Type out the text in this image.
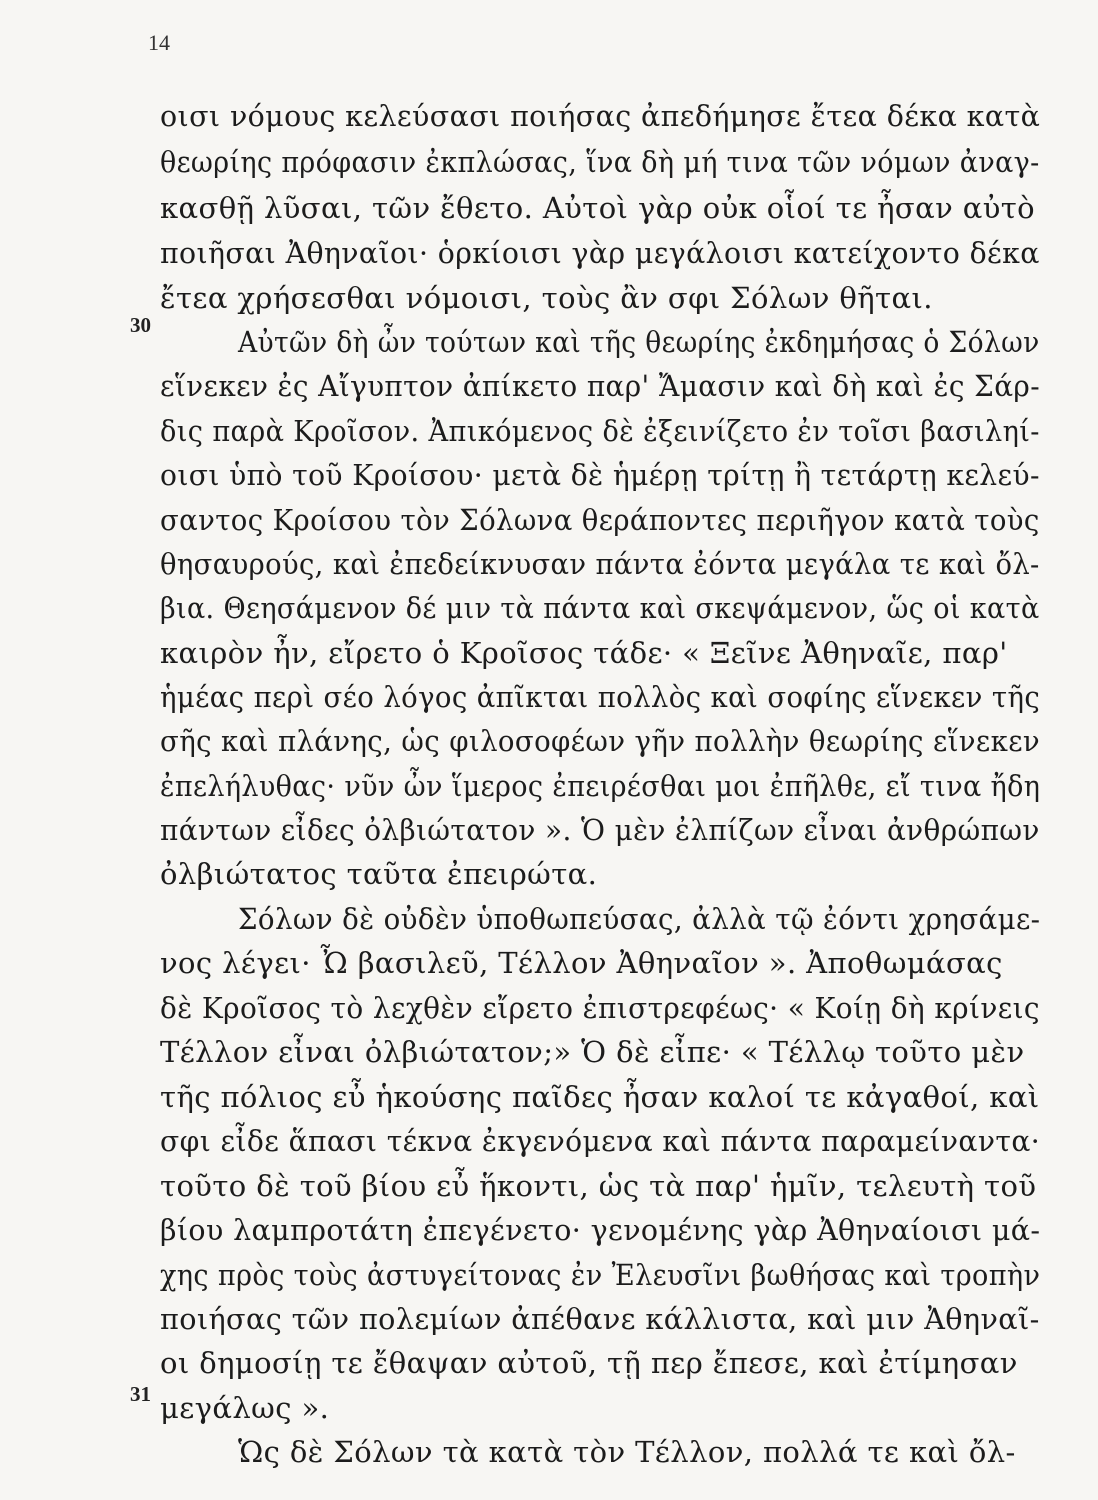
14
30
31
οισι νόμους κελεύσασι ποιήσας ἀπεδήμησε ἔτεα δέκα κατὰ
θεωρίης πρόφασιν ἐκπλώσας, ἵνα δὴ μή τινα τῶν νόμων ἀναγ-
κασθῇ λῦσαι, τῶν ἔθετο. Αὐτοὶ γὰρ οὐκ οἷοί τε ἦσαν αὐτὸ
ποιῆσαι Ἀθηναῖοι· ὁρκίοισι γὰρ μεγάλοισι κατείχοντο δέκα
ἔτεα χρήσεσθαι νόμοισι, τοὺς ἂν σφι Σόλων θῆται.
Αὐτῶν δὴ ὦν τούτων καὶ τῆς θεωρίης ἐκδημήσας ὁ Σόλων
εἵνεκεν ἐς Αἴγυπτον ἀπίκετο παρ' Ἄμασιν καὶ δὴ καὶ ἐς Σάρ-
δις παρὰ Κροῖσον. Ἀπικόμενος δὲ ἐξεινίζετο ἐν τοῖσι βασιληί-
οισι ὑπὸ τοῦ Κροίσου· μετὰ δὲ ἡμέρῃ τρίτῃ ἢ τετάρτῃ κελεύ-
σαντος Κροίσου τὸν Σόλωνα θεράποντες περιῆγον κατὰ τοὺς
θησαυρούς, καὶ ἐπεδείκνυσαν πάντα ἐόντα μεγάλα τε καὶ ὄλ-
βια. Θεησάμενον δέ μιν τὰ πάντα καὶ σκεψάμενον, ὥς οἱ κατὰ
καιρὸν ἦν, εἴρετο ὁ Κροῖσος τάδε· « Ξεῖνε Ἀθηναῖε, παρ'
ἡμέας περὶ σέο λόγος ἀπῖκται πολλὸς καὶ σοφίης εἵνεκεν τῆς
σῆς καὶ πλάνης, ὡς φιλοσοφέων γῆν πολλὴν θεωρίης εἵνεκεν
ἐπελήλυθας· νῦν ὦν ἵμερος ἐπειρέσθαι μοι ἐπῆλθε, εἴ τινα ἤδη
πάντων εἶδες ὀλβιώτατον ». Ὁ μὲν ἐλπίζων εἶναι ἀνθρώπων
ὀλβιώτατος ταῦτα ἐπειρώτα.
Σόλων δὲ οὐδὲν ὑποθωπεύσας, ἀλλὰ τῷ ἐόντι χρησάμε-
νος λέγει· Ὦ βασιλεῦ, Τέλλον Ἀθηναῖον ». Ἀποθωμάσας
δὲ Κροῖσος τὸ λεχθὲν εἴρετο ἐπιστρεφέως· « Κοίῃ δὴ κρίνεις
Τέλλον εἶναι ὀλβιώτατον;» Ὁ δὲ εἶπε· « Τέλλῳ τοῦτο μὲν
τῆς πόλιος εὖ ἡκούσης παῖδες ἦσαν καλοί τε κἀγαθοί, καὶ
σφι εἶδε ἅπασι τέκνα ἐκγενόμενα καὶ πάντα παραμείναντα·
τοῦτο δὲ τοῦ βίου εὖ ἥκοντι, ὡς τὰ παρ' ἡμῖν, τελευτὴ τοῦ
βίου λαμπροτάτη ἐπεγένετο· γενομένης γὰρ Ἀθηναίοισι μά-
χης πρὸς τοὺς ἀστυγείτονας ἐν Ἐλευσῖνι βωθήσας καὶ τροπὴν
ποιήσας τῶν πολεμίων ἀπέθανε κάλλιστα, καὶ μιν Ἀθηναῖ-
οι δημοσίῃ τε ἔθαψαν αὐτοῦ, τῇ περ ἔπεσε, καὶ ἐτίμησαν
μεγάλως ».
Ὡς δὲ Σόλων τὰ κατὰ τὸν Τέλλον, πολλά τε καὶ ὄλ-
